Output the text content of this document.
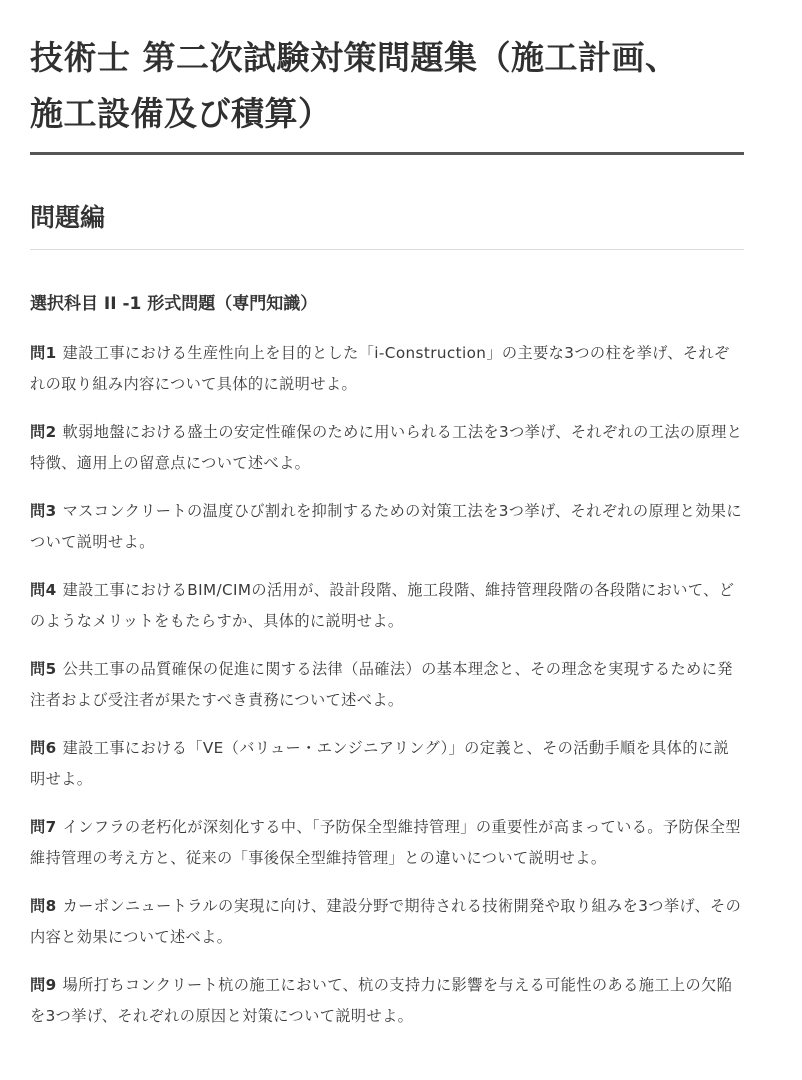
技術士 第二次試験対策問題集（施工計画、
施工設備及び積算）
問題編
選択科目 II -1 形式問題（専門知識）

問1 建設工事における生産性向上を目的とした「i-Construction」の主要な3つの柱を挙げ、それぞれの取り組み内容について具体的に説明せよ。

問2 軟弱地盤における盛土の安定性確保のために用いられる工法を3つ挙げ、それぞれの工法の原理と特徴、適用上の留意点について述べよ。

問3 マスコンクリートの温度ひび割れを抑制するための対策工法を3つ挙げ、それぞれの原理と効果について説明せよ。

問4 建設工事におけるBIM/CIMの活用が、設計段階、施工段階、維持管理段階の各段階において、どのようなメリットをもたらすか、具体的に説明せよ。

問5 公共工事の品質確保の促進に関する法律（品確法）の基本理念と、その理念を実現するために発注者および受注者が果たすべき責務について述べよ。

問6 建設工事における「VE（バリュー・エンジニアリング）」の定義と、その活動手順を具体的に説明せよ。

問7 インフラの老朽化が深刻化する中、「予防保全型維持管理」の重要性が高まっている。予防保全型維持管理の考え方と、従来の「事後保全型維持管理」との違いについて説明せよ。

問8 カーボンニュートラルの実現に向け、建設分野で期待される技術開発や取り組みを3つ挙げ、その内容と効果について述べよ。

問9 場所打ちコンクリート杭の施工において、杭の支持力に影響を与える可能性のある施工上の欠陥を3つ挙げ、それぞれの原因と対策について説明せよ。
